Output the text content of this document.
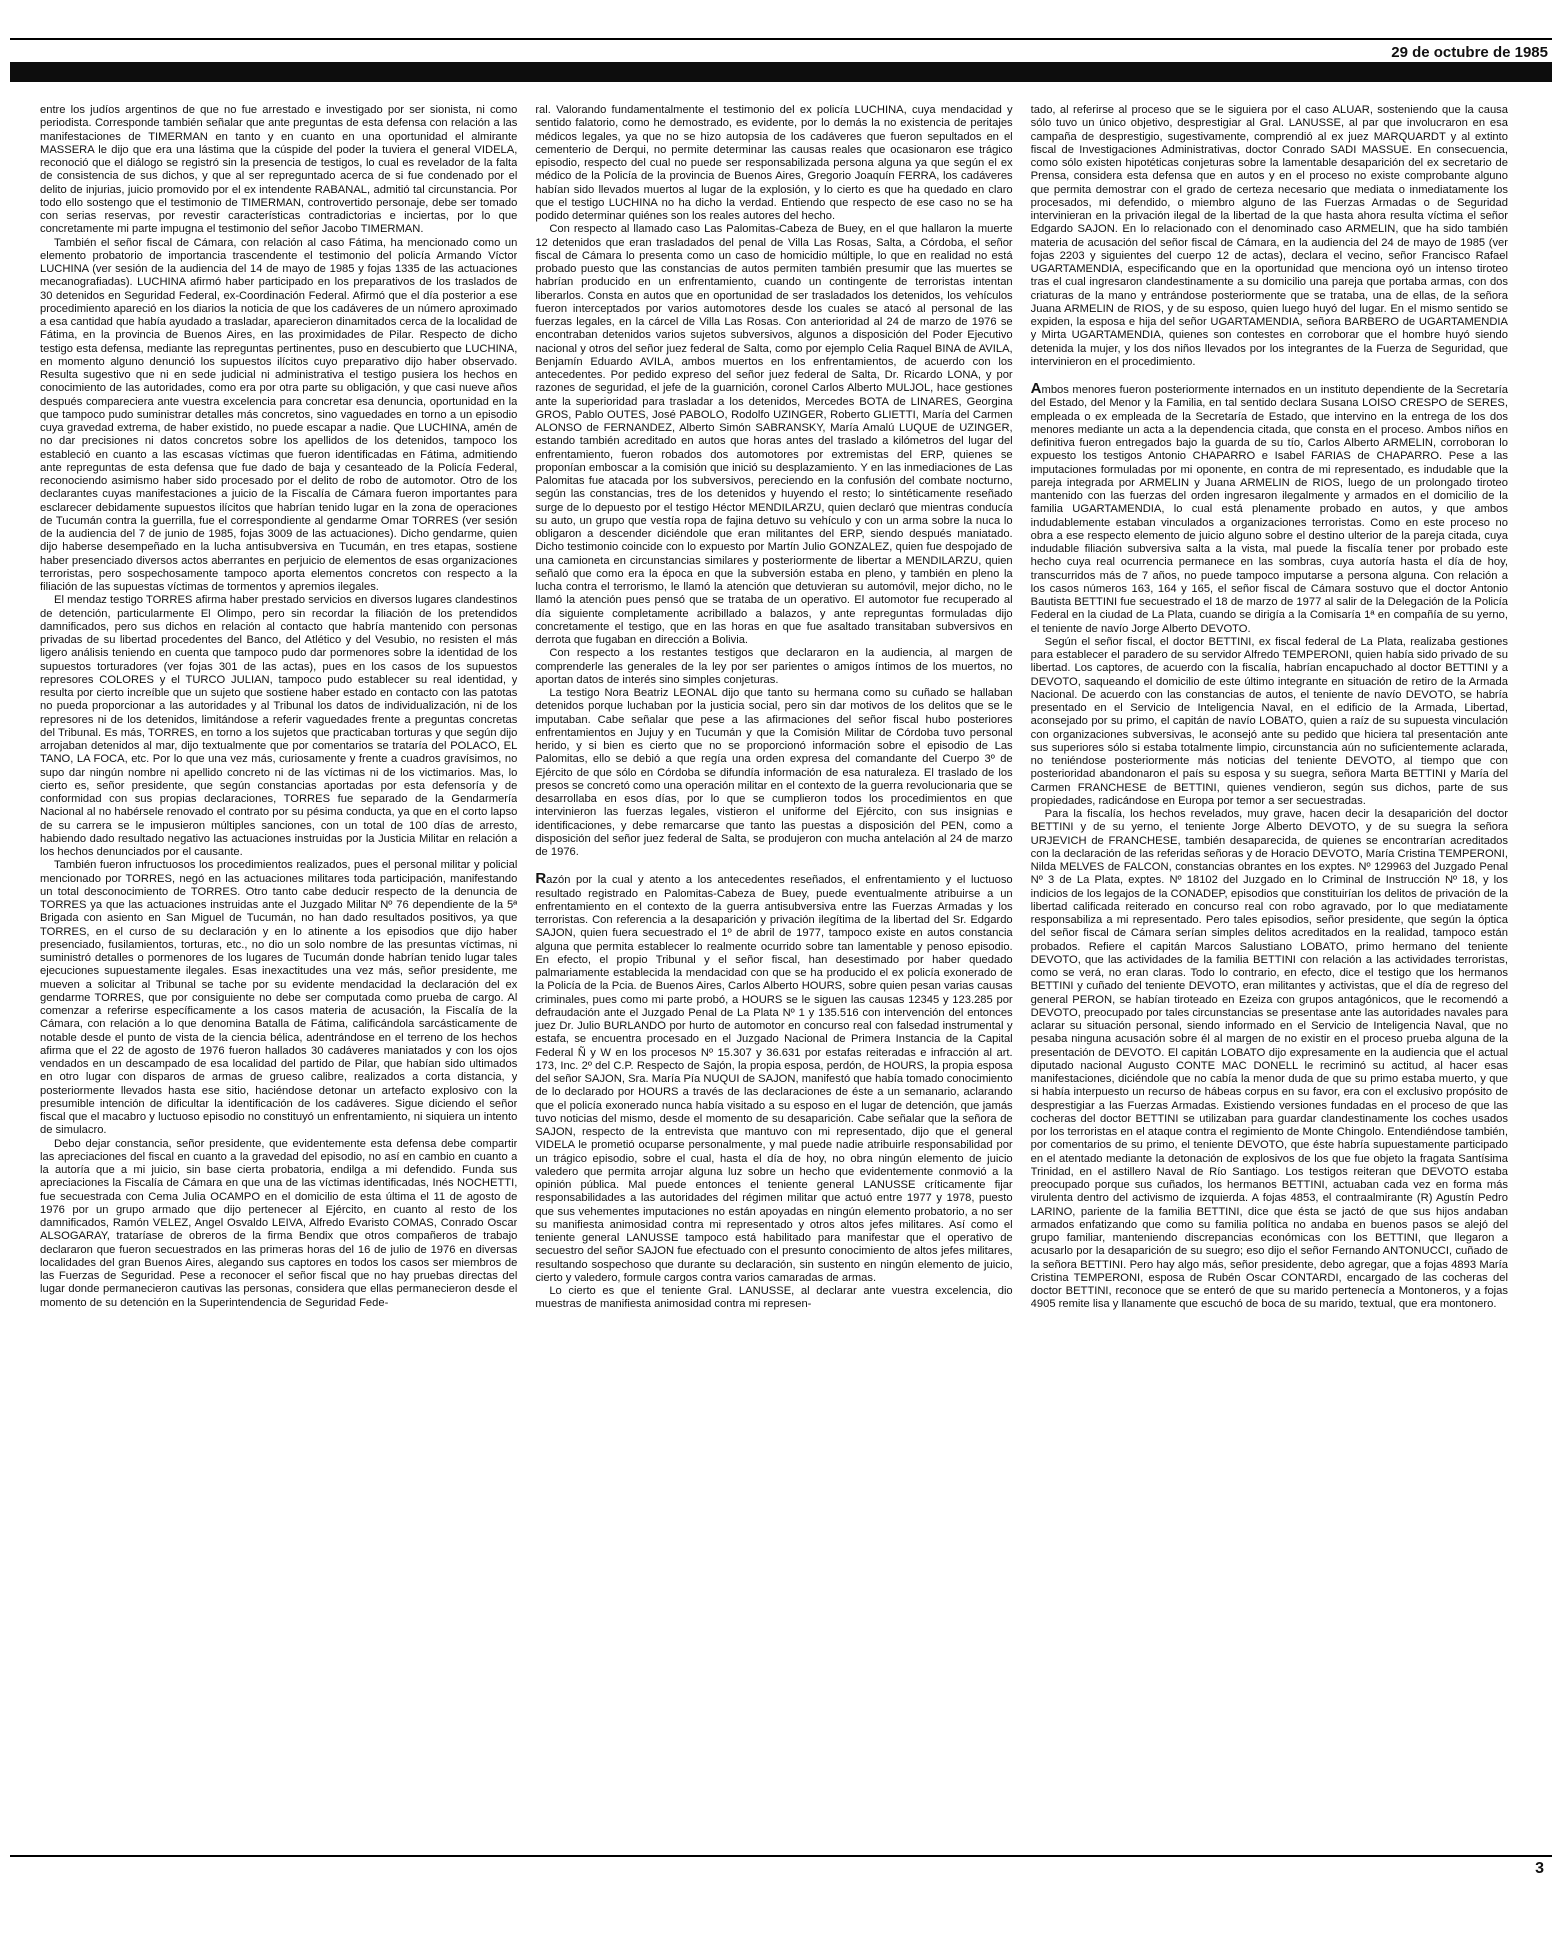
29 de octubre de 1985

entre los judíos argentinos de que no fue arrestado e investigado por ser sionista, ni como periodista. Corresponde también señalar que ante preguntas de esta defensa con relación a las manifestaciones de TIMERMAN en tanto y en cuanto en una oportunidad el almirante MASSERA le dijo que era una lástima que la cúspide del poder la tuviera el general VIDELA, reconoció que el diálogo se registró sin la presencia de testigos, lo cual es revelador de la falta de consistencia de sus dichos, y que al ser repreguntado acerca de si fue condenado por el delito de injurias, juicio promovido por el ex intendente RABANAL, admitió tal circunstancia. Por todo ello sostengo que el testimonio de TIMERMAN, controvertido personaje, debe ser tomado con serias reservas, por revestir características contradictorias e inciertas, por lo que concretamente mi parte impugna el testimonio del señor Jacobo TIMERMAN.

También el señor fiscal de Cámara, con relación al caso Fátima, ha mencionado como un elemento probatorio de importancia trascendente el testimonio del policía Armando Víctor LUCHINA (ver sesión de la audiencia del 14 de mayo de 1985 y fojas 1335 de las actuaciones mecanografiadas). LUCHINA afirmó haber participado en los preparativos de los traslados de 30 detenidos en Seguridad Federal, ex-Coordinación Federal. Afirmó que el día posterior a ese procedimiento apareció en los diarios la noticia de que los cadáveres de un número aproximado a esa cantidad que había ayudado a trasladar, aparecieron dinamitados cerca de la localidad de Fátima, en la provincia de Buenos Aires, en las proximidades de Pilar. Respecto de dicho testigo esta defensa, mediante las repreguntas pertinentes, puso en descubierto que LUCHINA, en momento alguno denunció los supuestos ilícitos cuyo preparativo dijo haber observado. Resulta sugestivo que ni en sede judicial ni administrativa el testigo pusiera los hechos en conocimiento de las autoridades, como era por otra parte su obligación, y que casi nueve años después compareciera ante vuestra excelencia para concretar esa denuncia, oportunidad en la que tampoco pudo suministrar detalles más concretos, sino vaguedades en torno a un episodio cuya gravedad extrema, de haber existido, no puede escapar a nadie. Que LUCHINA, amén de no dar precisiones ni datos concretos sobre los apellidos de los detenidos, tampoco los estableció en cuanto a las escasas víctimas que fueron identificadas en Fátima, admitiendo ante repreguntas de esta defensa que fue dado de baja y cesanteado de la Policía Federal, reconociendo asimismo haber sido procesado por el delito de robo de automotor. Otro de los declarantes cuyas manifestaciones a juicio de la Fiscalía de Cámara fueron importantes para esclarecer debidamente supuestos ilícitos que habrían tenido lugar en la zona de operaciones de Tucumán contra la guerrilla, fue el correspondiente al gendarme Omar TORRES (ver sesión de la audiencia del 7 de junio de 1985, fojas 3009 de las actuaciones). Dicho gendarme, quien dijo haberse desempeñado en la lucha antisubversiva en Tucumán, en tres etapas, sostiene haber presenciado diversos actos aberrantes en perjuicio de elementos de esas organizaciones terroristas, pero sospechosamente tampoco aporta elementos concretos con respecto a la filiación de las supuestas víctimas de tormentos y apremios ilegales.

El mendaz testigo TORRES afirma haber prestado servicios en diversos lugares clandestinos de detención, particularmente El Olimpo, pero sin recordar la filiación de los pretendidos damnificados, pero sus dichos en relación al contacto que habría mantenido con personas privadas de su libertad procedentes del Banco, del Atlético y del Vesubio, no resisten el más ligero análisis teniendo en cuenta que tampoco pudo dar pormenores sobre la identidad de los supuestos torturadores (ver fojas 301 de las actas), pues en los casos de los supuestos represores COLORES y el TURCO JULIAN, tampoco pudo establecer su real identidad, y resulta por cierto increíble que un sujeto que sostiene haber estado en contacto con las patotas no pueda proporcionar a las autoridades y al Tribunal los datos de individualización, ni de los represores ni de los detenidos, limitándose a referir vaguedades frente a preguntas concretas del Tribunal. Es más, TORRES, en torno a los sujetos que practicaban torturas y que según dijo arrojaban detenidos al mar, dijo textualmente que por comentarios se trataría del POLACO, EL TANO, LA FOCA, etc. Por lo que una vez más, curiosamente y frente a cuadros gravísimos, no supo dar ningún nombre ni apellido concreto ni de las víctimas ni de los victimarios. Mas, lo cierto es, señor presidente, que según constancias aportadas por esta defensoría y de conformidad con sus propias declaraciones, TORRES fue separado de la Gendarmería Nacional al no habérsele renovado el contrato por su pésima conducta, ya que en el corto lapso de su carrera se le impusieron múltiples sanciones, con un total de 100 días de arresto, habiendo dado resultado negativo las actuaciones instruidas por la Justicia Militar en relación a los hechos denunciados por el causante.

También fueron infructuosos los procedimientos realizados, pues el personal militar y policial mencionado por TORRES, negó en las actuaciones militares toda participación, manifestando un total desconocimiento de TORRES. Otro tanto cabe deducir respecto de la denuncia de TORRES ya que las actuaciones instruidas ante el Juzgado Militar Nº 76 dependiente de la 5ª Brigada con asiento en San Miguel de Tucumán, no han dado resultados positivos, ya que TORRES, en el curso de su declaración y en lo atinente a los episodios que dijo haber presenciado, fusilamientos, torturas, etc., no dio un solo nombre de las presuntas víctimas, ni suministró detalles o pormenores de los lugares de Tucumán donde habrían tenido lugar tales ejecuciones supuestamente ilegales. Esas inexactitudes una vez más, señor presidente, me mueven a solicitar al Tribunal se tache por su evidente mendacidad la declaración del ex gendarme TORRES, que por consiguiente no debe ser computada como prueba de cargo. Al comenzar a referirse específicamente a los casos materia de acusación, la Fiscalía de la Cámara, con relación a lo que denomina Batalla de Fátima, calificándola sarcásticamente de notable desde el punto de vista de la ciencia bélica, adentrándose en el terreno de los hechos afirma que el 22 de agosto de 1976 fueron hallados 30 cadáveres maniatados y con los ojos vendados en un descampado de esa localidad del partido de Pilar, que habían sido ultimados en otro lugar con disparos de armas de grueso calibre, realizados a corta distancia, y posteriormente llevados hasta ese sitio, haciéndose detonar un artefacto explosivo con la presumible intención de dificultar la identificación de los cadáveres. Sigue diciendo el señor fiscal que el macabro y luctuoso episodio no constituyó un enfrentamiento, ni siquiera un intento de simulacro.

Debo dejar constancia, señor presidente, que evidentemente esta defensa debe compartir las apreciaciones del fiscal en cuanto a la gravedad del episodio, no así en cambio en cuanto a la autoría que a mi juicio, sin base cierta probatoria, endilga a mi defendido. Funda sus apreciaciones la Fiscalía de Cámara en que una de las víctimas identificadas, Inés NOCHETTI, fue secuestrada con Cema Julia OCAMPO en el domicilio de esta última el 11 de agosto de 1976 por un grupo armado que dijo pertenecer al Ejército, en cuanto al resto de los damnificados, Ramón VELEZ, Angel Osvaldo LEIVA, Alfredo Evaristo COMAS, Conrado Oscar ALSOGARAY, trataríase de obreros de la firma Bendix que otros compañeros de trabajo declararon que fueron secuestrados en las primeras horas del 16 de julio de 1976 en diversas localidades del gran Buenos Aires, alegando sus captores en todos los casos ser miembros de las Fuerzas de Seguridad. Pese a reconocer el señor fiscal que no hay pruebas directas del lugar donde permanecieron cautivas las personas, considera que ellas permanecieron desde el momento de su detención en la Superintendencia de Seguridad Fede-

ral. Valorando fundamentalmente el testimonio del ex policía LUCHINA, cuya mendacidad y sentido falatorio, como he demostrado, es evidente, por lo demás la no existencia de peritajes médicos legales, ya que no se hizo autopsia de los cadáveres que fueron sepultados en el cementerio de Derqui, no permite determinar las causas reales que ocasionaron ese trágico episodio, respecto del cual no puede ser responsabilizada persona alguna ya que según el ex médico de la Policía de la provincia de Buenos Aires, Gregorio Joaquín FERRA, los cadáveres habían sido llevados muertos al lugar de la explosión, y lo cierto es que ha quedado en claro que el testigo LUCHINA no ha dicho la verdad. Entiendo que respecto de ese caso no se ha podido determinar quiénes son los reales autores del hecho.

Con respecto al llamado caso Las Palomitas-Cabeza de Buey, en el que hallaron la muerte 12 detenidos que eran trasladados del penal de Villa Las Rosas, Salta, a Córdoba, el señor fiscal de Cámara lo presenta como un caso de homicidio múltiple, lo que en realidad no está probado puesto que las constancias de autos permiten también presumir que las muertes se habrían producido en un enfrentamiento, cuando un contingente de terroristas intentan liberarlos. Consta en autos que en oportunidad de ser trasladados los detenidos, los vehículos fueron interceptados por varios automotores desde los cuales se atacó al personal de las fuerzas legales, en la cárcel de Villa Las Rosas. Con anterioridad al 24 de marzo de 1976 se encontraban detenidos varios sujetos subversivos, algunos a disposición del Poder Ejecutivo nacional y otros del señor juez federal de Salta, como por ejemplo Celia Raquel BINA de AVILA, Benjamín Eduardo AVILA, ambos muertos en los enfrentamientos, de acuerdo con los antecedentes. Por pedido expreso del señor juez federal de Salta, Dr. Ricardo LONA, y por razones de seguridad, el jefe de la guarnición, coronel Carlos Alberto MULJOL, hace gestiones ante la superioridad para trasladar a los detenidos, Mercedes BOTA de LINARES, Georgina GROS, Pablo OUTES, José PABOLO, Rodolfo UZINGER, Roberto GLIETTI, María del Carmen ALONSO de FERNANDEZ, Alberto Simón SABRANSKY, María Amalú LUQUE de UZINGER, estando también acreditado en autos que horas antes del traslado a kilómetros del lugar del enfrentamiento, fueron robados dos automotores por extremistas del ERP, quienes se proponían emboscar a la comisión que inició su desplazamiento. Y en las inmediaciones de Las Palomitas fue atacada por los subversivos, pereciendo en la confusión del combate nocturno, según las constancias, tres de los detenidos y huyendo el resto; lo sintéticamente reseñado surge de lo depuesto por el testigo Héctor MENDILARZU, quien declaró que mientras conducía su auto, un grupo que vestía ropa de fajina detuvo su vehículo y con un arma sobre la nuca lo obligaron a descender diciéndole que eran militantes del ERP, siendo después maniatado. Dicho testimonio coincide con lo expuesto por Martín Julio GONZALEZ, quien fue despojado de una camioneta en circunstancias similares y posteriormente de libertar a MENDILARZU, quien señaló que como era la época en que la subversión estaba en pleno, y también en pleno la lucha contra el terrorismo, le llamó la atención que detuvieran su automóvil, mejor dicho, no le llamó la atención pues pensó que se trataba de un operativo. El automotor fue recuperado al día siguiente completamente acribillado a balazos, y ante repreguntas formuladas dijo concretamente el testigo, que en las horas en que fue asaltado transitaban subversivos en derrota que fugaban en dirección a Bolivia.

Con respecto a los restantes testigos que declararon en la audiencia, al margen de comprenderle las generales de la ley por ser parientes o amigos íntimos de los muertos, no aportan datos de interés sino simples conjeturas.

La testigo Nora Beatriz LEONAL dijo que tanto su hermana como su cuñado se hallaban detenidos porque luchaban por la justicia social, pero sin dar motivos de los delitos que se le imputaban. Cabe señalar que pese a las afirmaciones del señor fiscal hubo posteriores enfrentamientos en Jujuy y en Tucumán y que la Comisión Militar de Córdoba tuvo personal herido, y si bien es cierto que no se proporcionó información sobre el episodio de Las Palomitas, ello se debió a que regía una orden expresa del comandante del Cuerpo 3º de Ejército de que sólo en Córdoba se difundía información de esa naturaleza. El traslado de los presos se concretó como una operación militar en el contexto de la guerra revolucionaria que se desarrollaba en esos días, por lo que se cumplieron todos los procedimientos en que intervinieron las fuerzas legales, vistieron el uniforme del Ejército, con sus insignias e identificaciones, y debe remarcarse que tanto las puestas a disposición del PEN, como a disposición del señor juez federal de Salta, se produjeron con mucha antelación al 24 de marzo de 1976.

Razón por la cual y atento a los antecedentes reseñados, el enfrentamiento y el luctuoso resultado registrado en Palomitas-Cabeza de Buey, puede eventualmente atribuirse a un enfrentamiento en el contexto de la guerra antisubversiva entre las Fuerzas Armadas y los terroristas. Con referencia a la desaparición y privación ilegítima de la libertad del Sr. Edgardo SAJON, quien fuera secuestrado el 1º de abril de 1977, tampoco existe en autos constancia alguna que permita establecer lo realmente ocurrido sobre tan lamentable y penoso episodio. En efecto, el propio Tribunal y el señor fiscal, han desestimado por haber quedado palmariamente establecida la mendacidad con que se ha producido el ex policía exonerado de la Policía de la Pcia. de Buenos Aires, Carlos Alberto HOURS, sobre quien pesan varias causas criminales, pues como mi parte probó, a HOURS se le siguen las causas 12345 y 123.285 por defraudación ante el Juzgado Penal de La Plata Nº 1 y 135.516 con intervención del entonces juez Dr. Julio BURLANDO por hurto de automotor en concurso real con falsedad instrumental y estafa, se encuentra procesado en el Juzgado Nacional de Primera Instancia de la Capital Federal Ñ y W en los procesos Nº 15.307 y 36.631 por estafas reiteradas e infracción al art. 173, Inc. 2º del C.P. Respecto de Sajón, la propia esposa, perdón, de HOURS, la propia esposa del señor SAJON, Sra. María Pía NUQUI de SAJON, manifestó que había tomado conocimiento de lo declarado por HOURS a través de las declaraciones de éste a un semanario, aclarando que el policía exonerado nunca había visitado a su esposo en el lugar de detención, que jamás tuvo noticias del mismo, desde el momento de su desaparición. Cabe señalar que la señora de SAJON, respecto de la entrevista que mantuvo con mi representado, dijo que el general VIDELA le prometió ocuparse personalmente, y mal puede nadie atribuirle responsabilidad por un trágico episodio, sobre el cual, hasta el día de hoy, no obra ningún elemento de juicio valedero que permita arrojar alguna luz sobre un hecho que evidentemente conmovió a la opinión pública. Mal puede entonces el teniente general LANUSSE críticamente fijar responsabilidades a las autoridades del régimen militar que actuó entre 1977 y 1978, puesto que sus vehementes imputaciones no están apoyadas en ningún elemento probatorio, a no ser su manifiesta animosidad contra mi representado y otros altos jefes militares. Así como el teniente general LANUSSE tampoco está habilitado para manifestar que el operativo de secuestro del señor SAJON fue efectuado con el presunto conocimiento de altos jefes militares, resultando sospechoso que durante su declaración, sin sustento en ningún elemento de juicio, cierto y valedero, formule cargos contra varios camaradas de armas.

Lo cierto es que el teniente Gral. LANUSSE, al declarar ante vuestra excelencia, dio muestras de manifiesta animosidad contra mi represen-

tado, al referirse al proceso que se le siguiera por el caso ALUAR, sosteniendo que la causa sólo tuvo un único objetivo, desprestigiar al Gral. LANUSSE, al par que involucraron en esa campaña de desprestigio, sugestivamente, comprendió al ex juez MARQUARDT y al extinto fiscal de Investigaciones Administrativas, doctor Conrado SADI MASSUE. En consecuencia, como sólo existen hipotéticas conjeturas sobre la lamentable desaparición del ex secretario de Prensa, considera esta defensa que en autos y en el proceso no existe comprobante alguno que permita demostrar con el grado de certeza necesario que mediata o inmediatamente los procesados, mi defendido, o miembro alguno de las Fuerzas Armadas o de Seguridad intervinieran en la privación ilegal de la libertad de la que hasta ahora resulta víctima el señor Edgardo SAJON. En lo relacionado con el denominado caso ARMELIN, que ha sido también materia de acusación del señor fiscal de Cámara, en la audiencia del 24 de mayo de 1985 (ver fojas 2203 y siguientes del cuerpo 12 de actas), declara el vecino, señor Francisco Rafael UGARTAMENDIA, especificando que en la oportunidad que menciona oyó un intenso tiroteo tras el cual ingresaron clandestinamente a su domicilio una pareja que portaba armas, con dos criaturas de la mano y entrándose posteriormente que se trataba, una de ellas, de la señora Juana ARMELIN de RIOS, y de su esposo, quien luego huyó del lugar. En el mismo sentido se expiden, la esposa e hija del señor UGARTAMENDIA, señora BARBERO de UGARTAMENDIA y Mirta UGARTAMENDIA, quienes son contestes en corroborar que el hombre huyó siendo detenida la mujer, y los dos niños llevados por los integrantes de la Fuerza de Seguridad, que intervinieron en el procedimiento.

Ambos menores fueron posteriormente internados en un instituto dependiente de la Secretaría del Estado, del Menor y la Familia, en tal sentido declara Susana LOISO CRESPO de SERES, empleada o ex empleada de la Secretaría de Estado, que intervino en la entrega de los dos menores mediante un acta a la dependencia citada, que consta en el proceso. Ambos niños en definitiva fueron entregados bajo la guarda de su tío, Carlos Alberto ARMELIN, corroboran lo expuesto los testigos Antonio CHAPARRO e Isabel FARIAS de CHAPARRO. Pese a las imputaciones formuladas por mi oponente, en contra de mi representado, es indudable que la pareja integrada por ARMELIN y Juana ARMELIN de RIOS, luego de un prolongado tiroteo mantenido con las fuerzas del orden ingresaron ilegalmente y armados en el domicilio de la familia UGARTAMENDIA, lo cual está plenamente probado en autos, y que ambos indudablemente estaban vinculados a organizaciones terroristas. Como en este proceso no obra a ese respecto elemento de juicio alguno sobre el destino ulterior de la pareja citada, cuya indudable filiación subversiva salta a la vista, mal puede la fiscalía tener por probado este hecho cuya real ocurrencia permanece en las sombras, cuya autoría hasta el día de hoy, transcurridos más de 7 años, no puede tampoco imputarse a persona alguna. Con relación a los casos números 163, 164 y 165, el señor fiscal de Cámara sostuvo que el doctor Antonio Bautista BETTINI fue secuestrado el 18 de marzo de 1977 al salir de la Delegación de la Policía Federal en la ciudad de La Plata, cuando se dirigía a la Comisaría 1ª en compañía de su yerno, el teniente de navío Jorge Alberto DEVOTO.

Según el señor fiscal, el doctor BETTINI, ex fiscal federal de La Plata, realizaba gestiones para establecer el paradero de su servidor Alfredo TEMPERONI, quien había sido privado de su libertad. Los captores, de acuerdo con la fiscalía, habrían encapuchado al doctor BETTINI y a DEVOTO, saqueando el domicilio de este último integrante en situación de retiro de la Armada Nacional. De acuerdo con las constancias de autos, el teniente de navío DEVOTO, se habría presentado en el Servicio de Inteligencia Naval, en el edificio de la Armada, Libertad, aconsejado por su primo, el capitán de navío LOBATO, quien a raíz de su supuesta vinculación con organizaciones subversivas, le aconsejó ante su pedido que hiciera tal presentación ante sus superiores sólo si estaba totalmente limpio, circunstancia aún no suficientemente aclarada, no teniéndose posteriormente más noticias del teniente DEVOTO, al tiempo que con posterioridad abandonaron el país su esposa y su suegra, señora Marta BETTINI y María del Carmen FRANCHESE de BETTINI, quienes vendieron, según sus dichos, parte de sus propiedades, radicándose en Europa por temor a ser secuestradas.

Para la fiscalía, los hechos revelados, muy grave, hacen decir la desaparición del doctor BETTINI y de su yerno, el teniente Jorge Alberto DEVOTO, y de su suegra la señora URJEVICH de FRANCHESE, también desaparecida, de quienes se encontrarían acreditados con la declaración de las referidas señoras y de Horacio DEVOTO, María Cristina TEMPERONI, Nilda MELVES de FALCON, constancias obrantes en los exptes. Nº 129963 del Juzgado Penal Nº 3 de La Plata, exptes. Nº 18102 del Juzgado en lo Criminal de Instrucción Nº 18, y los indicios de los legajos de la CONADEP, episodios que constituirían los delitos de privación de la libertad calificada reiterado en concurso real con robo agravado, por lo que mediatamente responsabiliza a mi representado. Pero tales episodios, señor presidente, que según la óptica del señor fiscal de Cámara serían simples delitos acreditados en la realidad, tampoco están probados. Refiere el capitán Marcos Salustiano LOBATO, primo hermano del teniente DEVOTO, que las actividades de la familia BETTINI con relación a las actividades terroristas, como se verá, no eran claras. Todo lo contrario, en efecto, dice el testigo que los hermanos BETTINI y cuñado del teniente DEVOTO, eran militantes y activistas, que el día de regreso del general PERON, se habían tiroteado en Ezeiza con grupos antagónicos, que le recomendó a DEVOTO, preocupado por tales circunstancias se presentase ante las autoridades navales para aclarar su situación personal, siendo informado en el Servicio de Inteligencia Naval, que no pesaba ninguna acusación sobre él al margen de no existir en el proceso prueba alguna de la presentación de DEVOTO. El capitán LOBATO dijo expresamente en la audiencia que el actual diputado nacional Augusto CONTE MAC DONELL le recriminó su actitud, al hacer esas manifestaciones, diciéndole que no cabía la menor duda de que su primo estaba muerto, y que si había interpuesto un recurso de hábeas corpus en su favor, era con el exclusivo propósito de desprestigiar a las Fuerzas Armadas. Existiendo versiones fundadas en el proceso de que las cocheras del doctor BETTINI se utilizaban para guardar clandestinamente los coches usados por los terroristas en el ataque contra el regimiento de Monte Chingolo. Entendiéndose también, por comentarios de su primo, el teniente DEVOTO, que éste habría supuestamente participado en el atentado mediante la detonación de explosivos de los que fue objeto la fragata Santísima Trinidad, en el astillero Naval de Río Santiago. Los testigos reiteran que DEVOTO estaba preocupado porque sus cuñados, los hermanos BETTINI, actuaban cada vez en forma más virulenta dentro del activismo de izquierda. A fojas 4853, el contraalmirante (R) Agustín Pedro LARINO, pariente de la familia BETTINI, dice que ésta se jactó de que sus hijos andaban armados enfatizando que como su familia política no andaba en buenos pasos se alejó del grupo familiar, manteniendo discrepancias económicas con los BETTINI, que llegaron a acusarlo por la desaparición de su suegro; eso dijo el señor Fernando ANTONUCCI, cuñado de la señora BETTINI. Pero hay algo más, señor presidente, debo agregar, que a fojas 4893 María Cristina TEMPERONI, esposa de Rubén Oscar CONTARDI, encargado de las cocheras del doctor BETTINI, reconoce que se enteró de que su marido pertenecía a Montoneros, y a fojas 4905 remite lisa y llanamente que escuchó de boca de su marido, textual, que era montonero.

3
